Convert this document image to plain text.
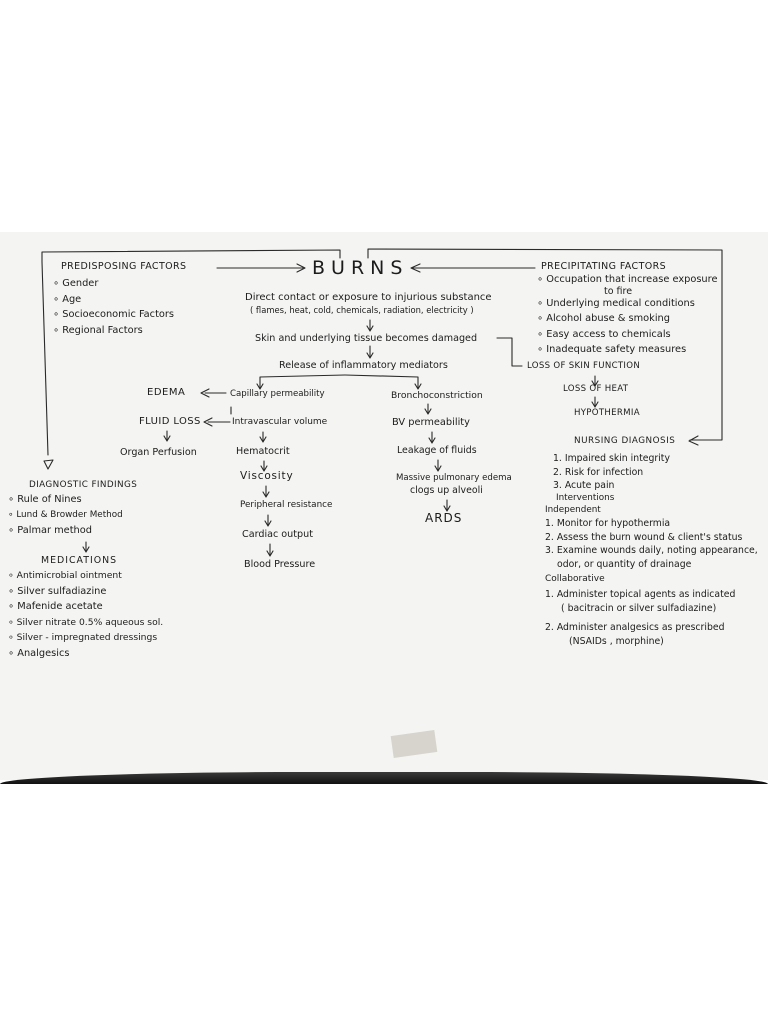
BURNS
PREDISPOSING FACTORS
∘ Gender
∘ Age
∘ Socioeconomic Factors
∘ Regional Factors
PRECIPITATING FACTORS
∘ Occupation that increase exposure
to fire
∘ Underlying medical conditions
∘ Alcohol abuse & smoking
∘ Easy access to chemicals
∘ Inadequate safety measures
Direct contact or exposure to injurious substance
( flames, heat, cold, chemicals, radiation, electricity )
Skin and underlying tissue becomes damaged
Release of inflammatory mediators
EDEMA	Capillary permeability
FLUID LOSS	Intravascular volume
Organ Perfusion	Hematocrit
Viscosity
Peripheral resistance
Cardiac output
Blood Pressure
Bronchoconstriction
BV permeability
Leakage of fluids
Massive pulmonary edema
clogs up alveoli
ARDS
LOSS OF SKIN FUNCTION
LOSS OF HEAT
HYPOTHERMIA
DIAGNOSTIC FINDINGS
∘ Rule of Nines
∘ Lund & Browder Method
∘ Palmar method
MEDICATIONS
∘ Antimicrobial ointment
∘ Silver sulfadiazine
∘ Mafenide acetate
∘ Silver nitrate 0.5% aqueous sol.
∘ Silver - impregnated dressings
∘ Analgesics
NURSING DIAGNOSIS
1. Impaired skin integrity
2. Risk for infection
3. Acute pain
Interventions
Independent
1. Monitor for hypothermia
2. Assess the burn wound & client's status
3. Examine wounds daily, noting appearance,
odor, or quantity of drainage
Collaborative
1. Administer topical agents as indicated
( bacitracin or silver sulfadiazine)
2. Administer analgesics as prescribed
(NSAIDs , morphine)
